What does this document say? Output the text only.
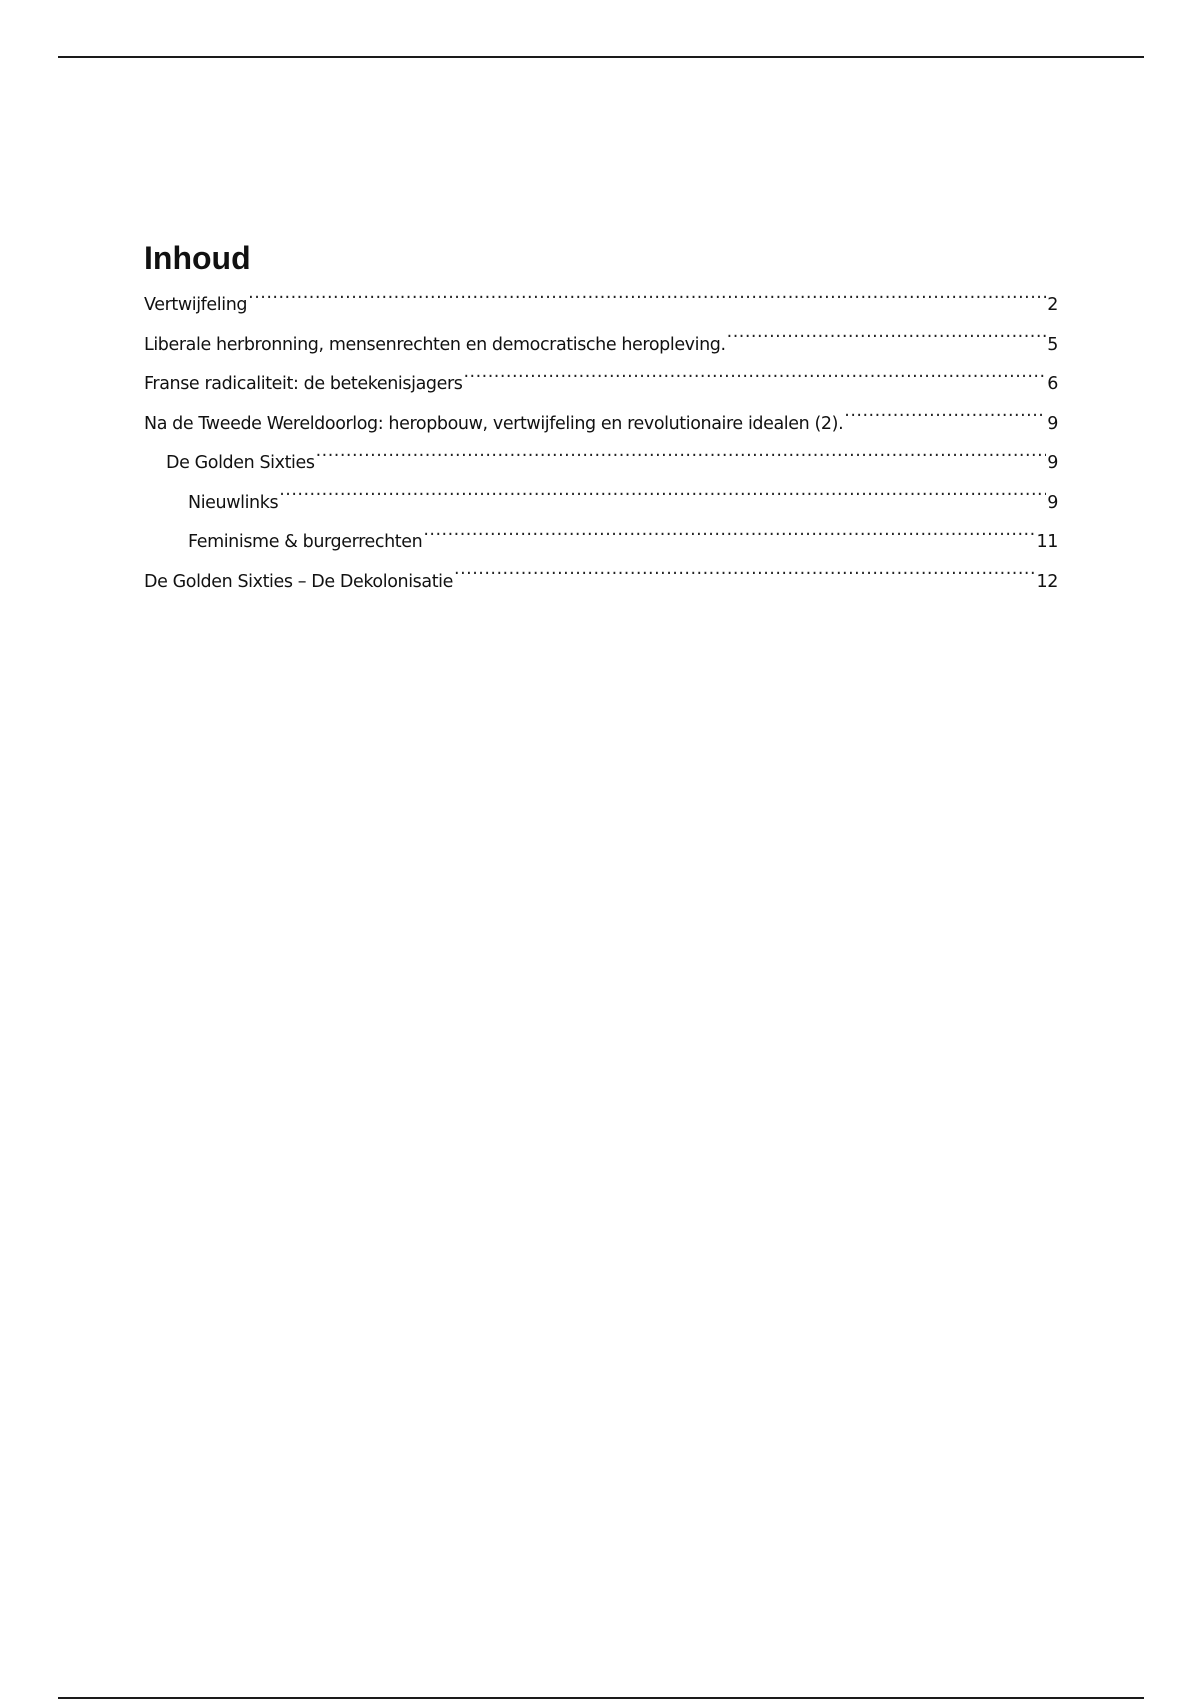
Inhoud
Vertwijfeling .....	2
Liberale herbronning, mensenrechten en democratische heropleving. .....	5
Franse radicaliteit: de betekenisjagers .....	6
Na de Tweede Wereldoorlog: heropbouw, vertwijfeling en revolutionaire idealen (2). .....	9
De Golden Sixties .....	9
Nieuwlinks .....	9
Feminisme & burgerrechten .....	11
De Golden Sixties – De Dekolonisatie .....	12
